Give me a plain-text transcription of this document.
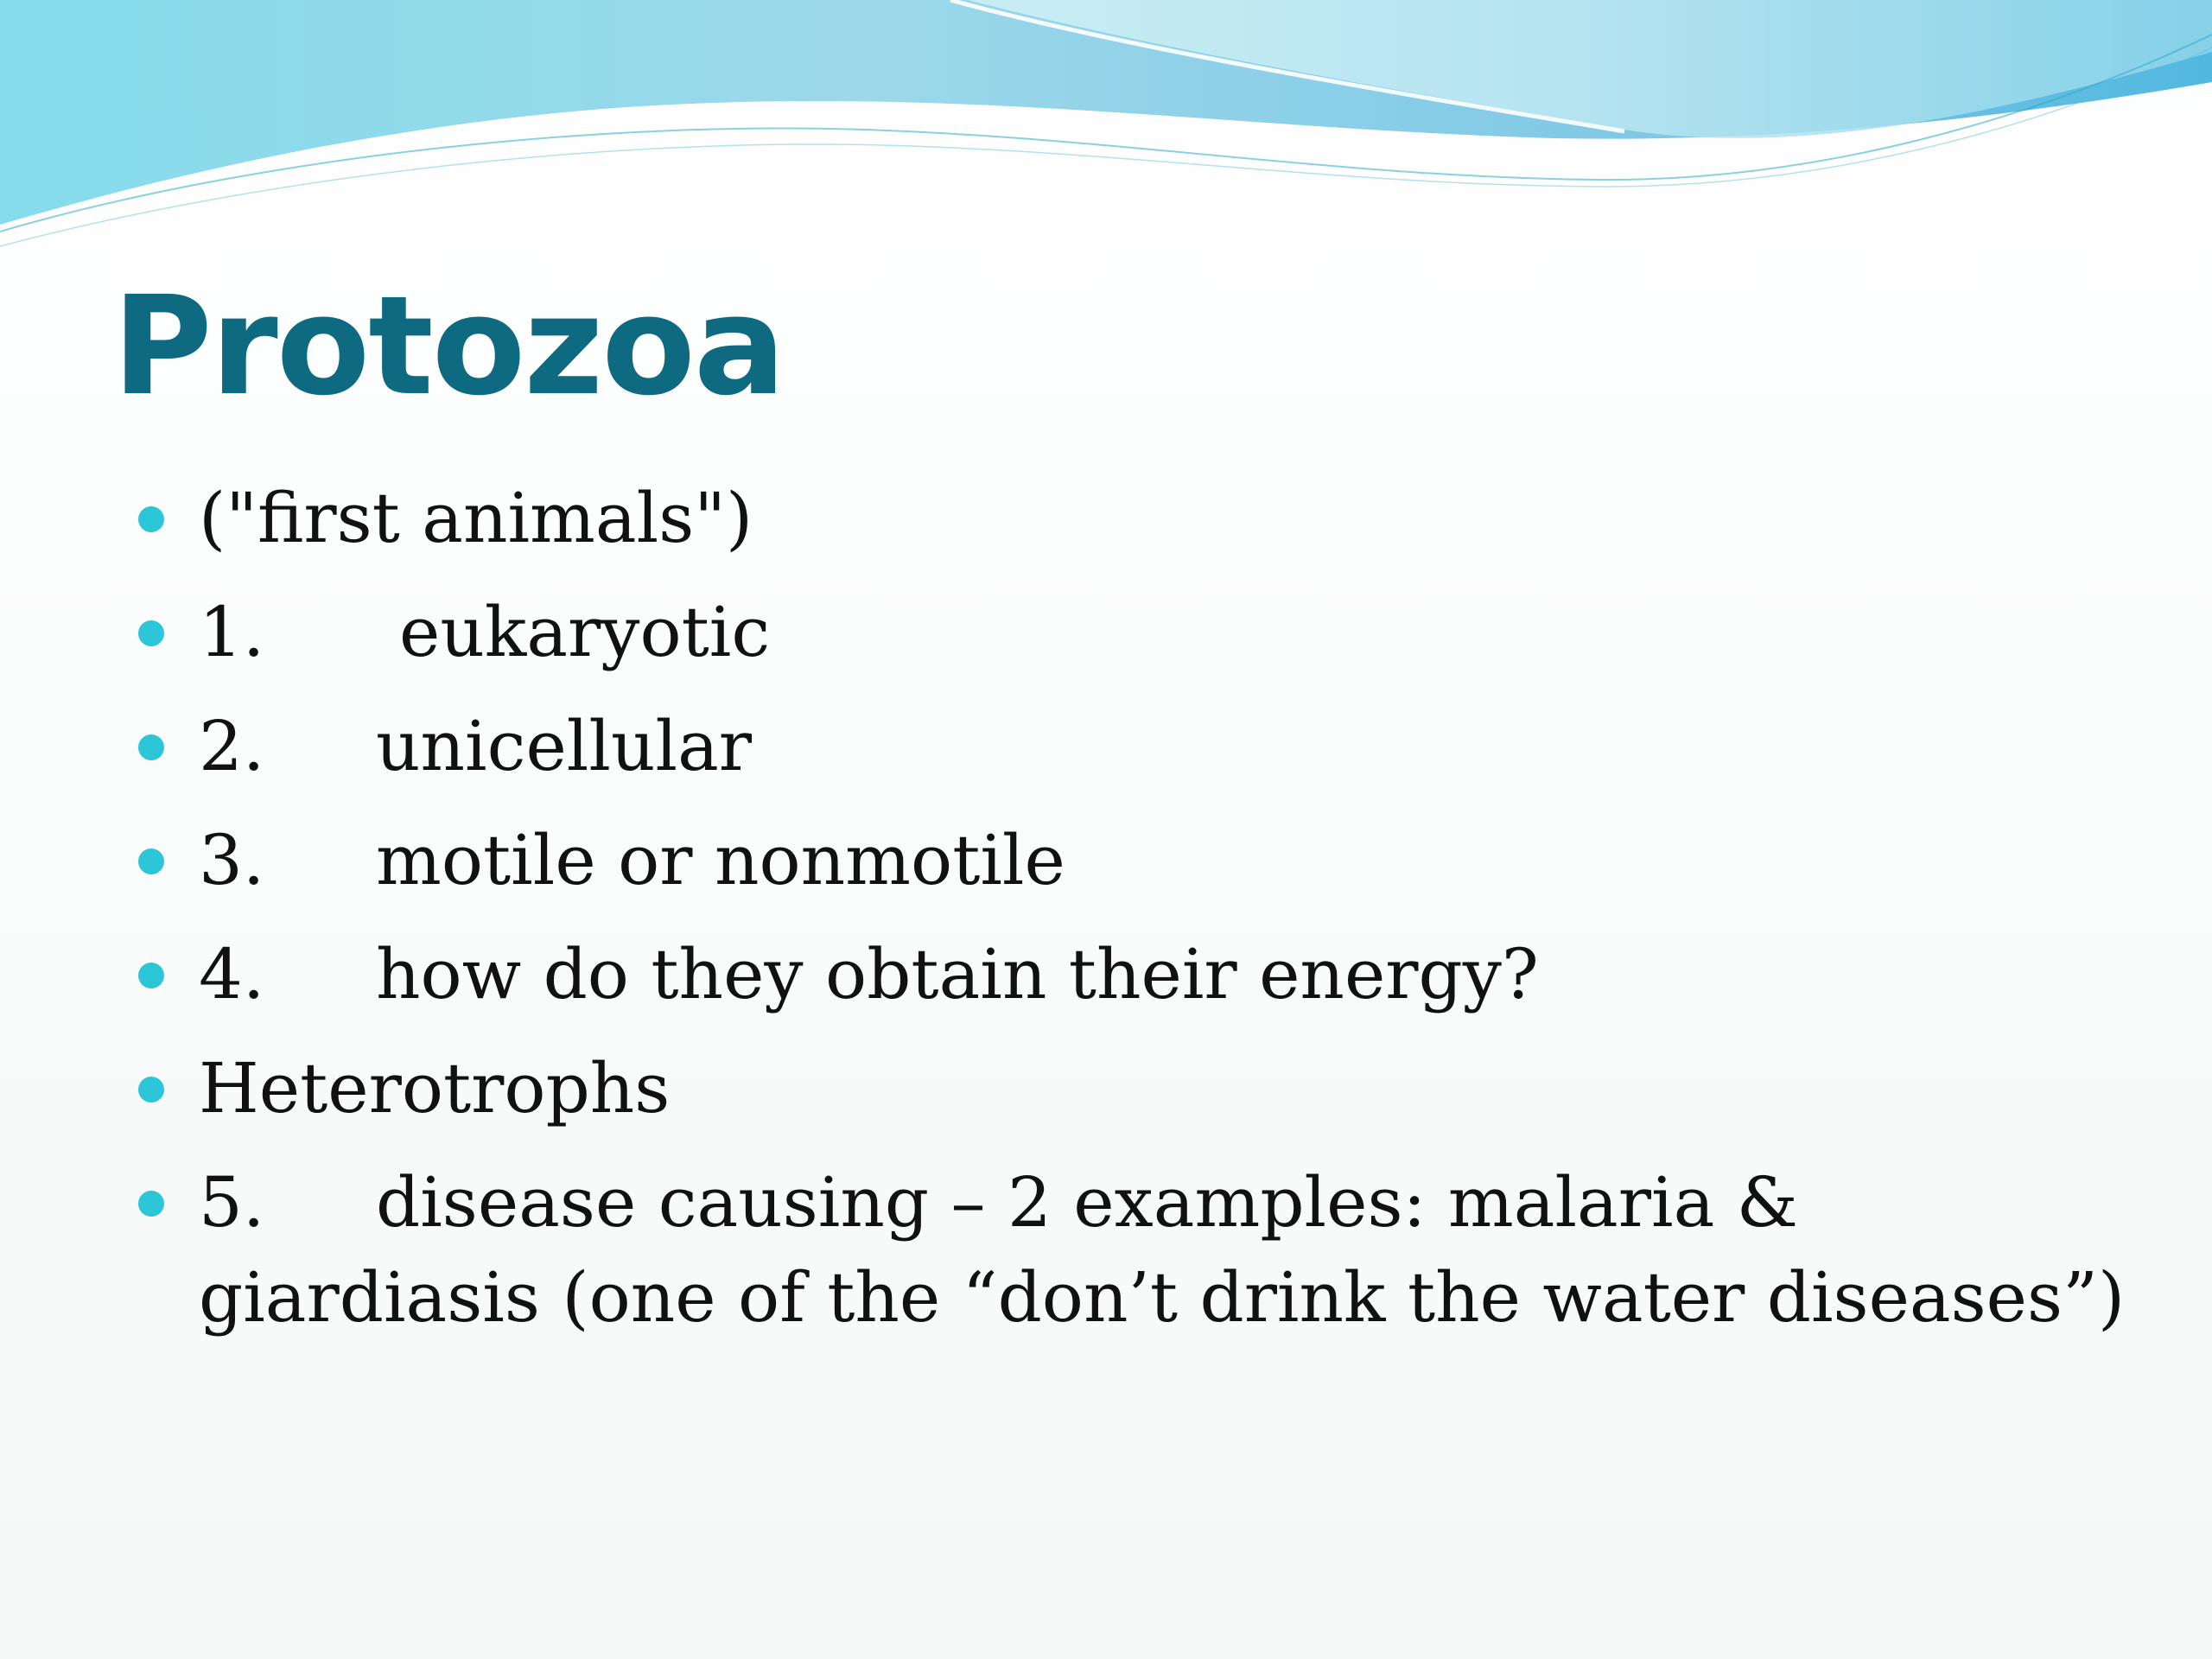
Protozoa
("first animals")
1. eukaryotic
2. unicellular
3. motile or nonmotile
4. how do they obtain their energy?
Heterotrophs
5. disease causing – 2 examples: malaria & giardiasis (one of the “don’t drink the water diseases”)
